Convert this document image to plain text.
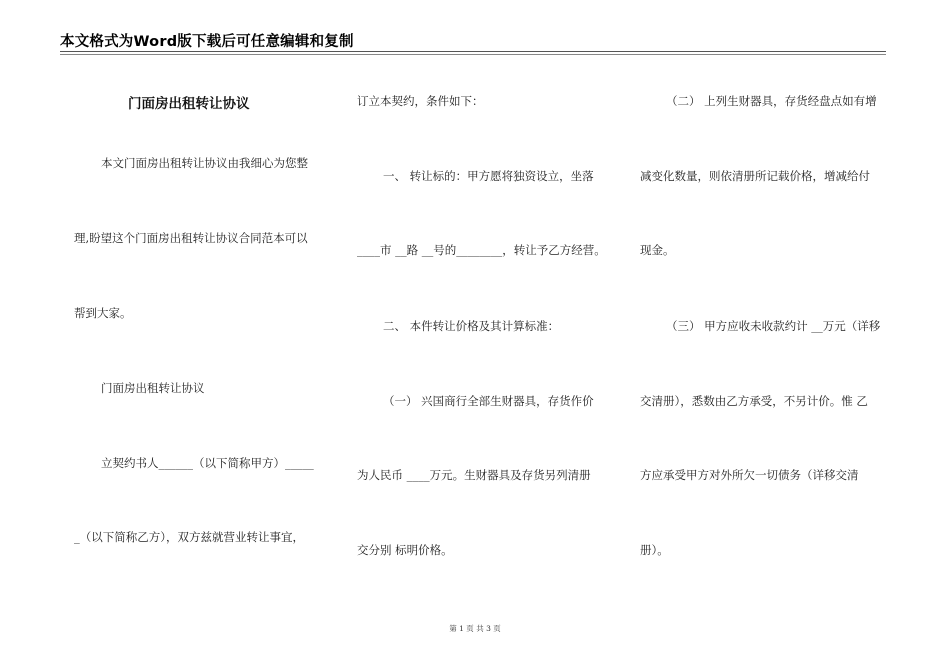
本文格式为Word版下载后可任意编辑和复制
门面房出租转让协议
本文门面房出租转让协议由我细心为您整
理,盼望这个门面房出租转让协议合同范本可以
帮到大家。
门面房出租转让协议
立契约书人______（以下简称甲方）_____
_（以下简称乙方），双方兹就营业转让事宜，
订立本契约，条件如下：
一、 转让标的：甲方愿将独资设立，坐落
____市 __路 __号的________，转让予乙方经营。
二、 本件转让价格及其计算标准：
（一） 兴国商行全部生财器具，存货作价
为人民币 ____万元。生财器具及存货另列清册
交分别 标明价格。
（二） 上列生财器具，存货经盘点如有增
减变化数量，则依清册所记载价格，增减给付
现金。
（三） 甲方应收未收款约计 __万元（详移
交清册），悉数由乙方承受，不另计价。惟 乙
方应承受甲方对外所欠一切债务（详移交清
册）。
第 1 页 共 3 页
